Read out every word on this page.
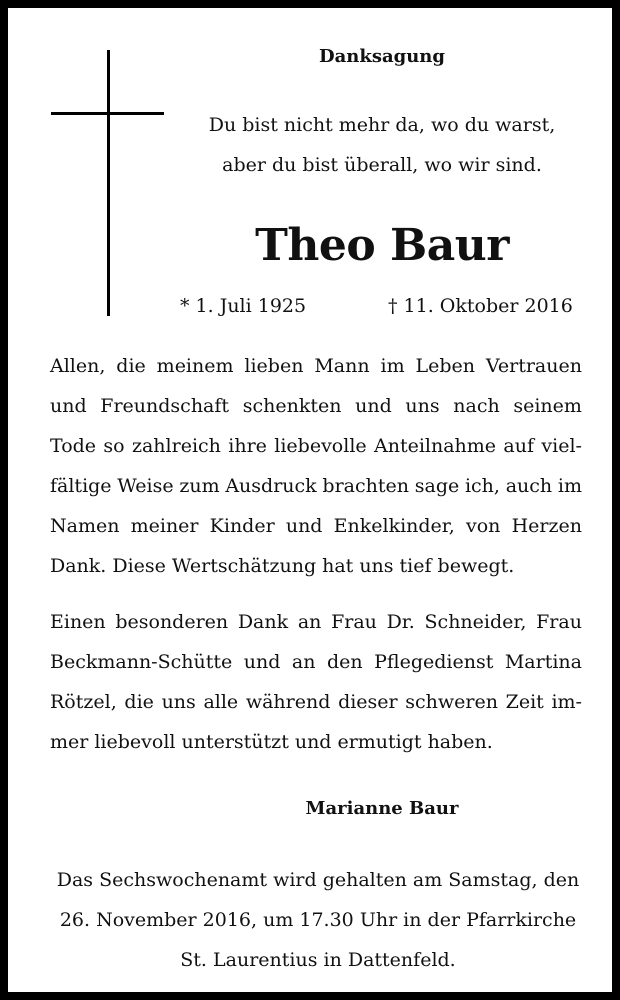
Danksagung
Du bist nicht mehr da, wo du warst,
aber du bist überall, wo wir sind.
Theo Baur
* 1. Juli 1925	† 11. Oktober 2016
Allen, die meinem lieben Mann im Leben Vertrauen
und Freundschaft schenkten und uns nach seinem
Tode so zahlreich ihre liebevolle Anteilnahme auf viel-
fältige Weise zum Ausdruck brachten sage ich, auch im
Namen meiner Kinder und Enkelkinder, von Herzen
Dank. Diese Wertschätzung hat uns tief bewegt.
Einen besonderen Dank an Frau Dr. Schneider, Frau
Beckmann-Schütte und an den Pflegedienst Martina
Rötzel, die uns alle während dieser schweren Zeit im-
mer liebevoll unterstützt und ermutigt haben.
Marianne Baur
Das Sechswochenamt wird gehalten am Samstag, den
26. November 2016, um 17.30 Uhr in der Pfarrkirche
St. Laurentius in Dattenfeld.
